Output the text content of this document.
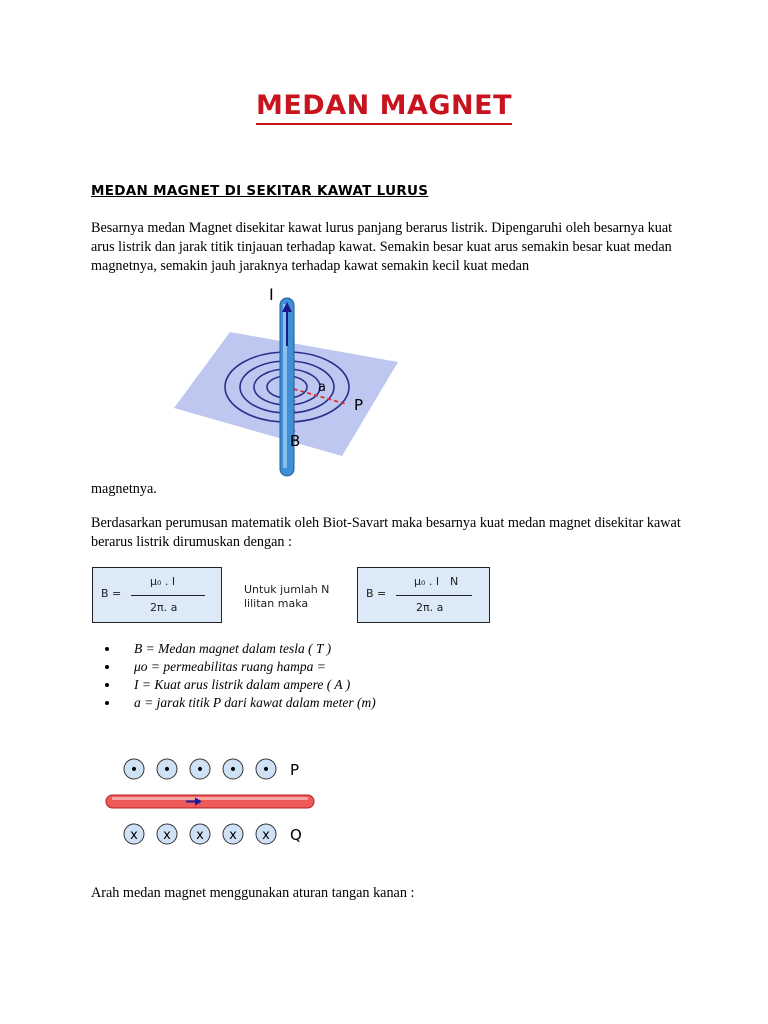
MEDAN MAGNET
MEDAN MAGNET DI SEKITAR KAWAT LURUS
Besarnya medan Magnet disekitar kawat lurus panjang berarus listrik. Dipengaruhi oleh besarnya kuat arus listrik dan jarak titik tinjauan terhadap kawat. Semakin besar kuat arus semakin besar kuat medan magnetnya, semakin jauh jaraknya terhadap kawat semakin kecil kuat medan
I
a
P
B
magnetnya.
Berdasarkan perumusan matematik oleh Biot-Savart maka besarnya kuat medan magnet disekitar kawat berarus listrik dirumuskan dengan :
B =
μ₀ . I
2π. a
Untuk jumlah N
lilitan maka
B =
μ₀ . I N
2π. a
• B = Medan magnet dalam tesla ( T )
• μo = permeabilitas ruang hampa =
• I = Kuat arus listrik dalam ampere ( A )
• a = jarak titik P dari kawat dalam meter (m)
• • • • • P
x x x x x Q
Arah medan magnet menggunakan aturan tangan kanan :
